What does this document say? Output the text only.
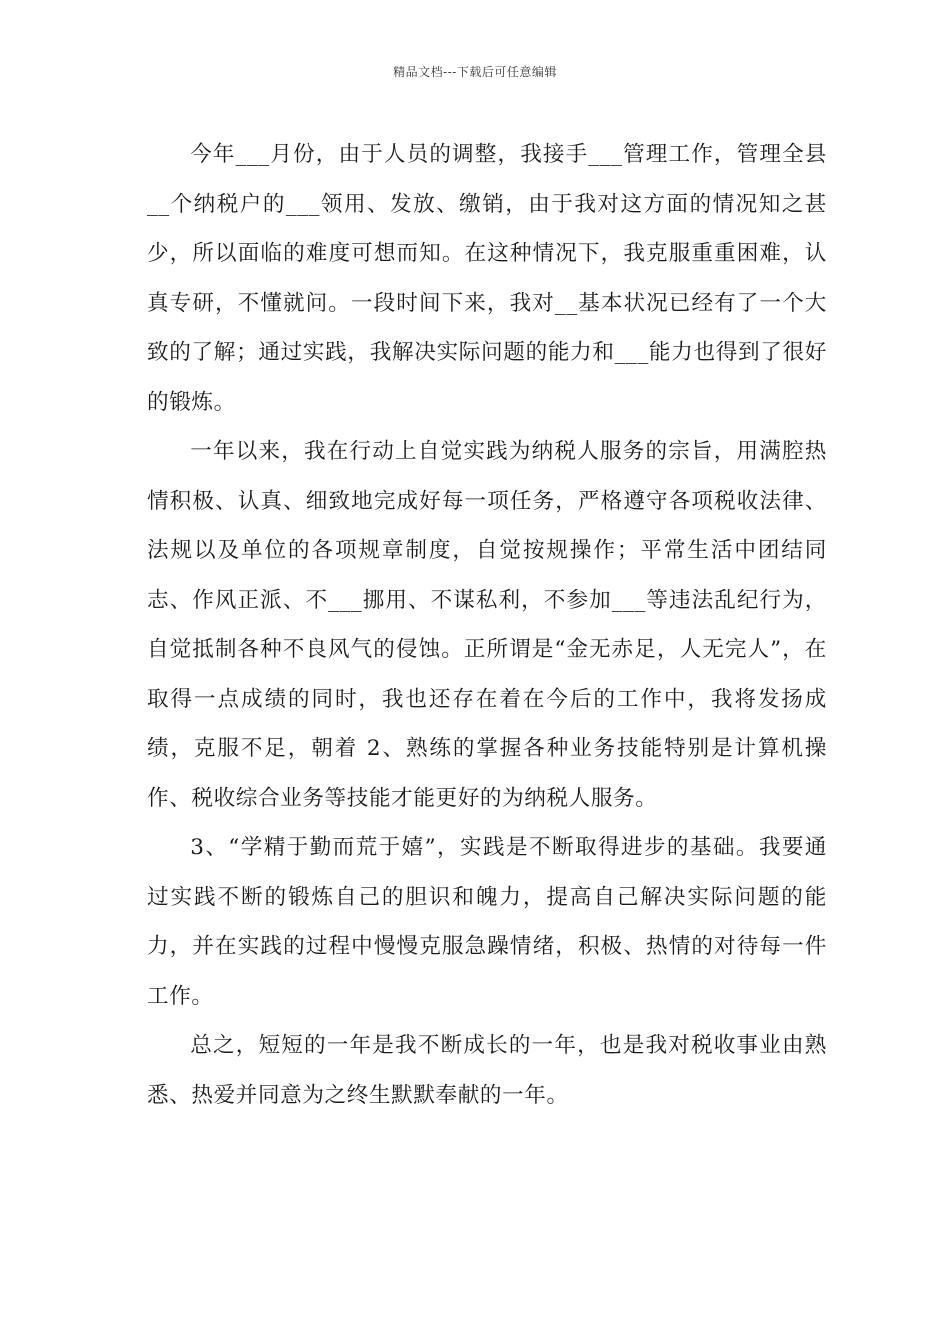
精品文档---下载后可任意编辑

今年___月份，由于人员的调整，我接手___管理工作，管理全县__个纳税户的___领用、发放、缴销，由于我对这方面的情况知之甚少，所以面临的难度可想而知。在这种情况下，我克服重重困难，认真专研，不懂就问。一段时间下来，我对__基本状况已经有了一个大致的了解；通过实践，我解决实际问题的能力和___能力也得到了很好的锻炼。

一年以来，我在行动上自觉实践为纳税人服务的宗旨，用满腔热情积极、认真、细致地完成好每一项任务，严格遵守各项税收法律、法规以及单位的各项规章制度，自觉按规操作；平常生活中团结同志、作风正派、不___挪用、不谋私利，不参加___等违法乱纪行为，自觉抵制各种不良风气的侵蚀。正所谓是“金无赤足，人无完人”，在取得一点成绩的同时，我也还存在着在今后的工作中，我将发扬成绩，克服不足，朝着 2、熟练的掌握各种业务技能特别是计算机操作、税收综合业务等技能才能更好的为纳税人服务。

3、“学精于勤而荒于嬉”，实践是不断取得进步的基础。我要通过实践不断的锻炼自己的胆识和魄力，提高自己解决实际问题的能力，并在实践的过程中慢慢克服急躁情绪，积极、热情的对待每一件工作。

总之，短短的一年是我不断成长的一年，也是我对税收事业由熟悉、热爱并同意为之终生默默奉献的一年。
